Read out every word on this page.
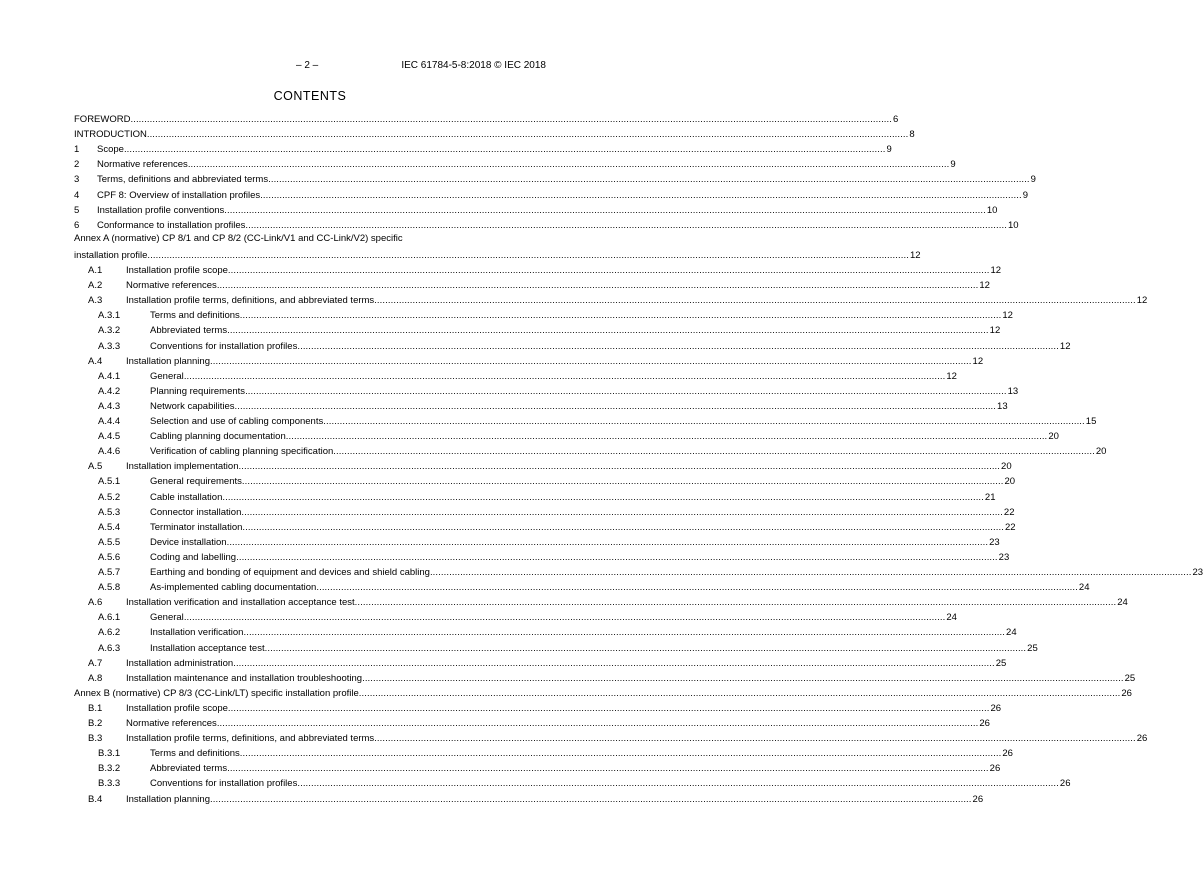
– 2 –	IEC 61784-5-8:2018 © IEC 2018
CONTENTS
FOREWORD .....	6
INTRODUCTION .....	8
1	Scope .....	9
2	Normative references .....	9
3	Terms, definitions and abbreviated terms .....	9
4	CPF 8: Overview of installation profiles .....	9
5	Installation profile conventions .....	10
6	Conformance to installation profiles .....	10
Annex A (normative) CP 8/1 and CP 8/2 (CC-Link/V1 and CC-Link/V2) specific
installation profile .....	12
A.1	Installation profile scope .....	12
A.2	Normative references .....	12
A.3	Installation profile terms, definitions, and abbreviated terms .....	12
A.3.1	Terms and definitions .....	12
A.3.2	Abbreviated terms .....	12
A.3.3	Conventions for installation profiles .....	12
A.4	Installation planning .....	12
A.4.1	General .....	12
A.4.2	Planning requirements .....	13
A.4.3	Network capabilities .....	13
A.4.4	Selection and use of cabling components .....	15
A.4.5	Cabling planning documentation .....	20
A.4.6	Verification of cabling planning specification .....	20
A.5	Installation implementation .....	20
A.5.1	General requirements .....	20
A.5.2	Cable installation .....	21
A.5.3	Connector installation .....	22
A.5.4	Terminator installation .....	22
A.5.5	Device installation .....	23
A.5.6	Coding and labelling .....	23
A.5.7	Earthing and bonding of equipment and devices and shield cabling .....	23
A.5.8	As-implemented cabling documentation .....	24
A.6	Installation verification and installation acceptance test .....	24
A.6.1	General .....	24
A.6.2	Installation verification .....	24
A.6.3	Installation acceptance test .....	25
A.7	Installation administration .....	25
A.8	Installation maintenance and installation troubleshooting .....	25
Annex B (normative) CP 8/3 (CC-Link/LT) specific installation profile .....	26
B.1	Installation profile scope .....	26
B.2	Normative references .....	26
B.3	Installation profile terms, definitions, and abbreviated terms .....	26
B.3.1	Terms and definitions .....	26
B.3.2	Abbreviated terms .....	26
B.3.3	Conventions for installation profiles .....	26
B.4	Installation planning .....	26
